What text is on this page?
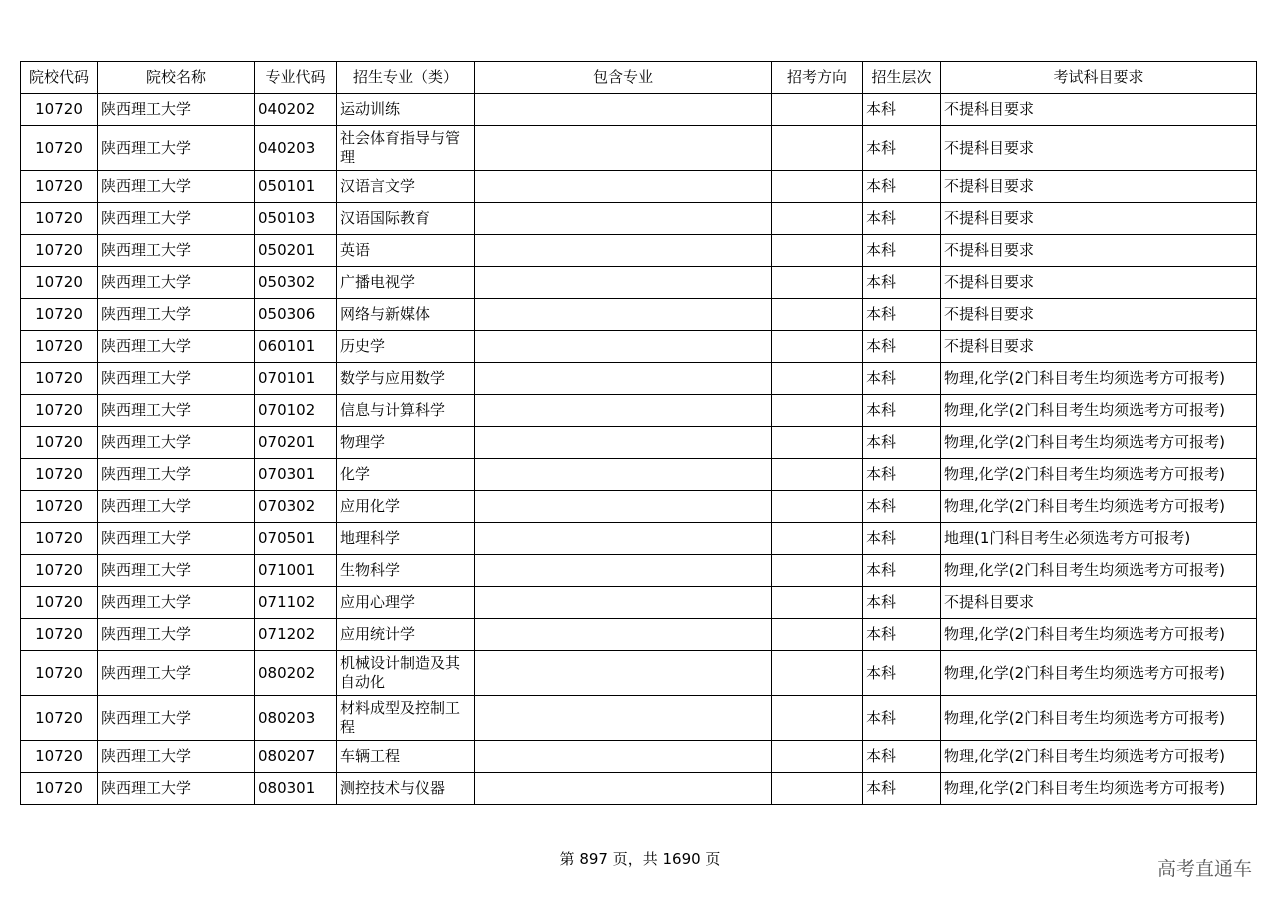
院校代码	院校名称	专业代码	招生专业（类）	包含专业	招考方向	招生层次	考试科目要求
10720	陕西理工大学	040202	运动训练			本科	不提科目要求
10720	陕西理工大学	040203	社会体育指导与管理			本科	不提科目要求
10720	陕西理工大学	050101	汉语言文学			本科	不提科目要求
10720	陕西理工大学	050103	汉语国际教育			本科	不提科目要求
10720	陕西理工大学	050201	英语			本科	不提科目要求
10720	陕西理工大学	050302	广播电视学			本科	不提科目要求
10720	陕西理工大学	050306	网络与新媒体			本科	不提科目要求
10720	陕西理工大学	060101	历史学			本科	不提科目要求
10720	陕西理工大学	070101	数学与应用数学			本科	物理,化学(2门科目考生均须选考方可报考)
10720	陕西理工大学	070102	信息与计算科学			本科	物理,化学(2门科目考生均须选考方可报考)
10720	陕西理工大学	070201	物理学			本科	物理,化学(2门科目考生均须选考方可报考)
10720	陕西理工大学	070301	化学			本科	物理,化学(2门科目考生均须选考方可报考)
10720	陕西理工大学	070302	应用化学			本科	物理,化学(2门科目考生均须选考方可报考)
10720	陕西理工大学	070501	地理科学			本科	地理(1门科目考生必须选考方可报考)
10720	陕西理工大学	071001	生物科学			本科	物理,化学(2门科目考生均须选考方可报考)
10720	陕西理工大学	071102	应用心理学			本科	不提科目要求
10720	陕西理工大学	071202	应用统计学			本科	物理,化学(2门科目考生均须选考方可报考)
10720	陕西理工大学	080202	机械设计制造及其自动化			本科	物理,化学(2门科目考生均须选考方可报考)
10720	陕西理工大学	080203	材料成型及控制工程			本科	物理,化学(2门科目考生均须选考方可报考)
10720	陕西理工大学	080207	车辆工程			本科	物理,化学(2门科目考生均须选考方可报考)
10720	陕西理工大学	080301	测控技术与仪器			本科	物理,化学(2门科目考生均须选考方可报考)
第 897 页，共 1690 页	高考直通车
